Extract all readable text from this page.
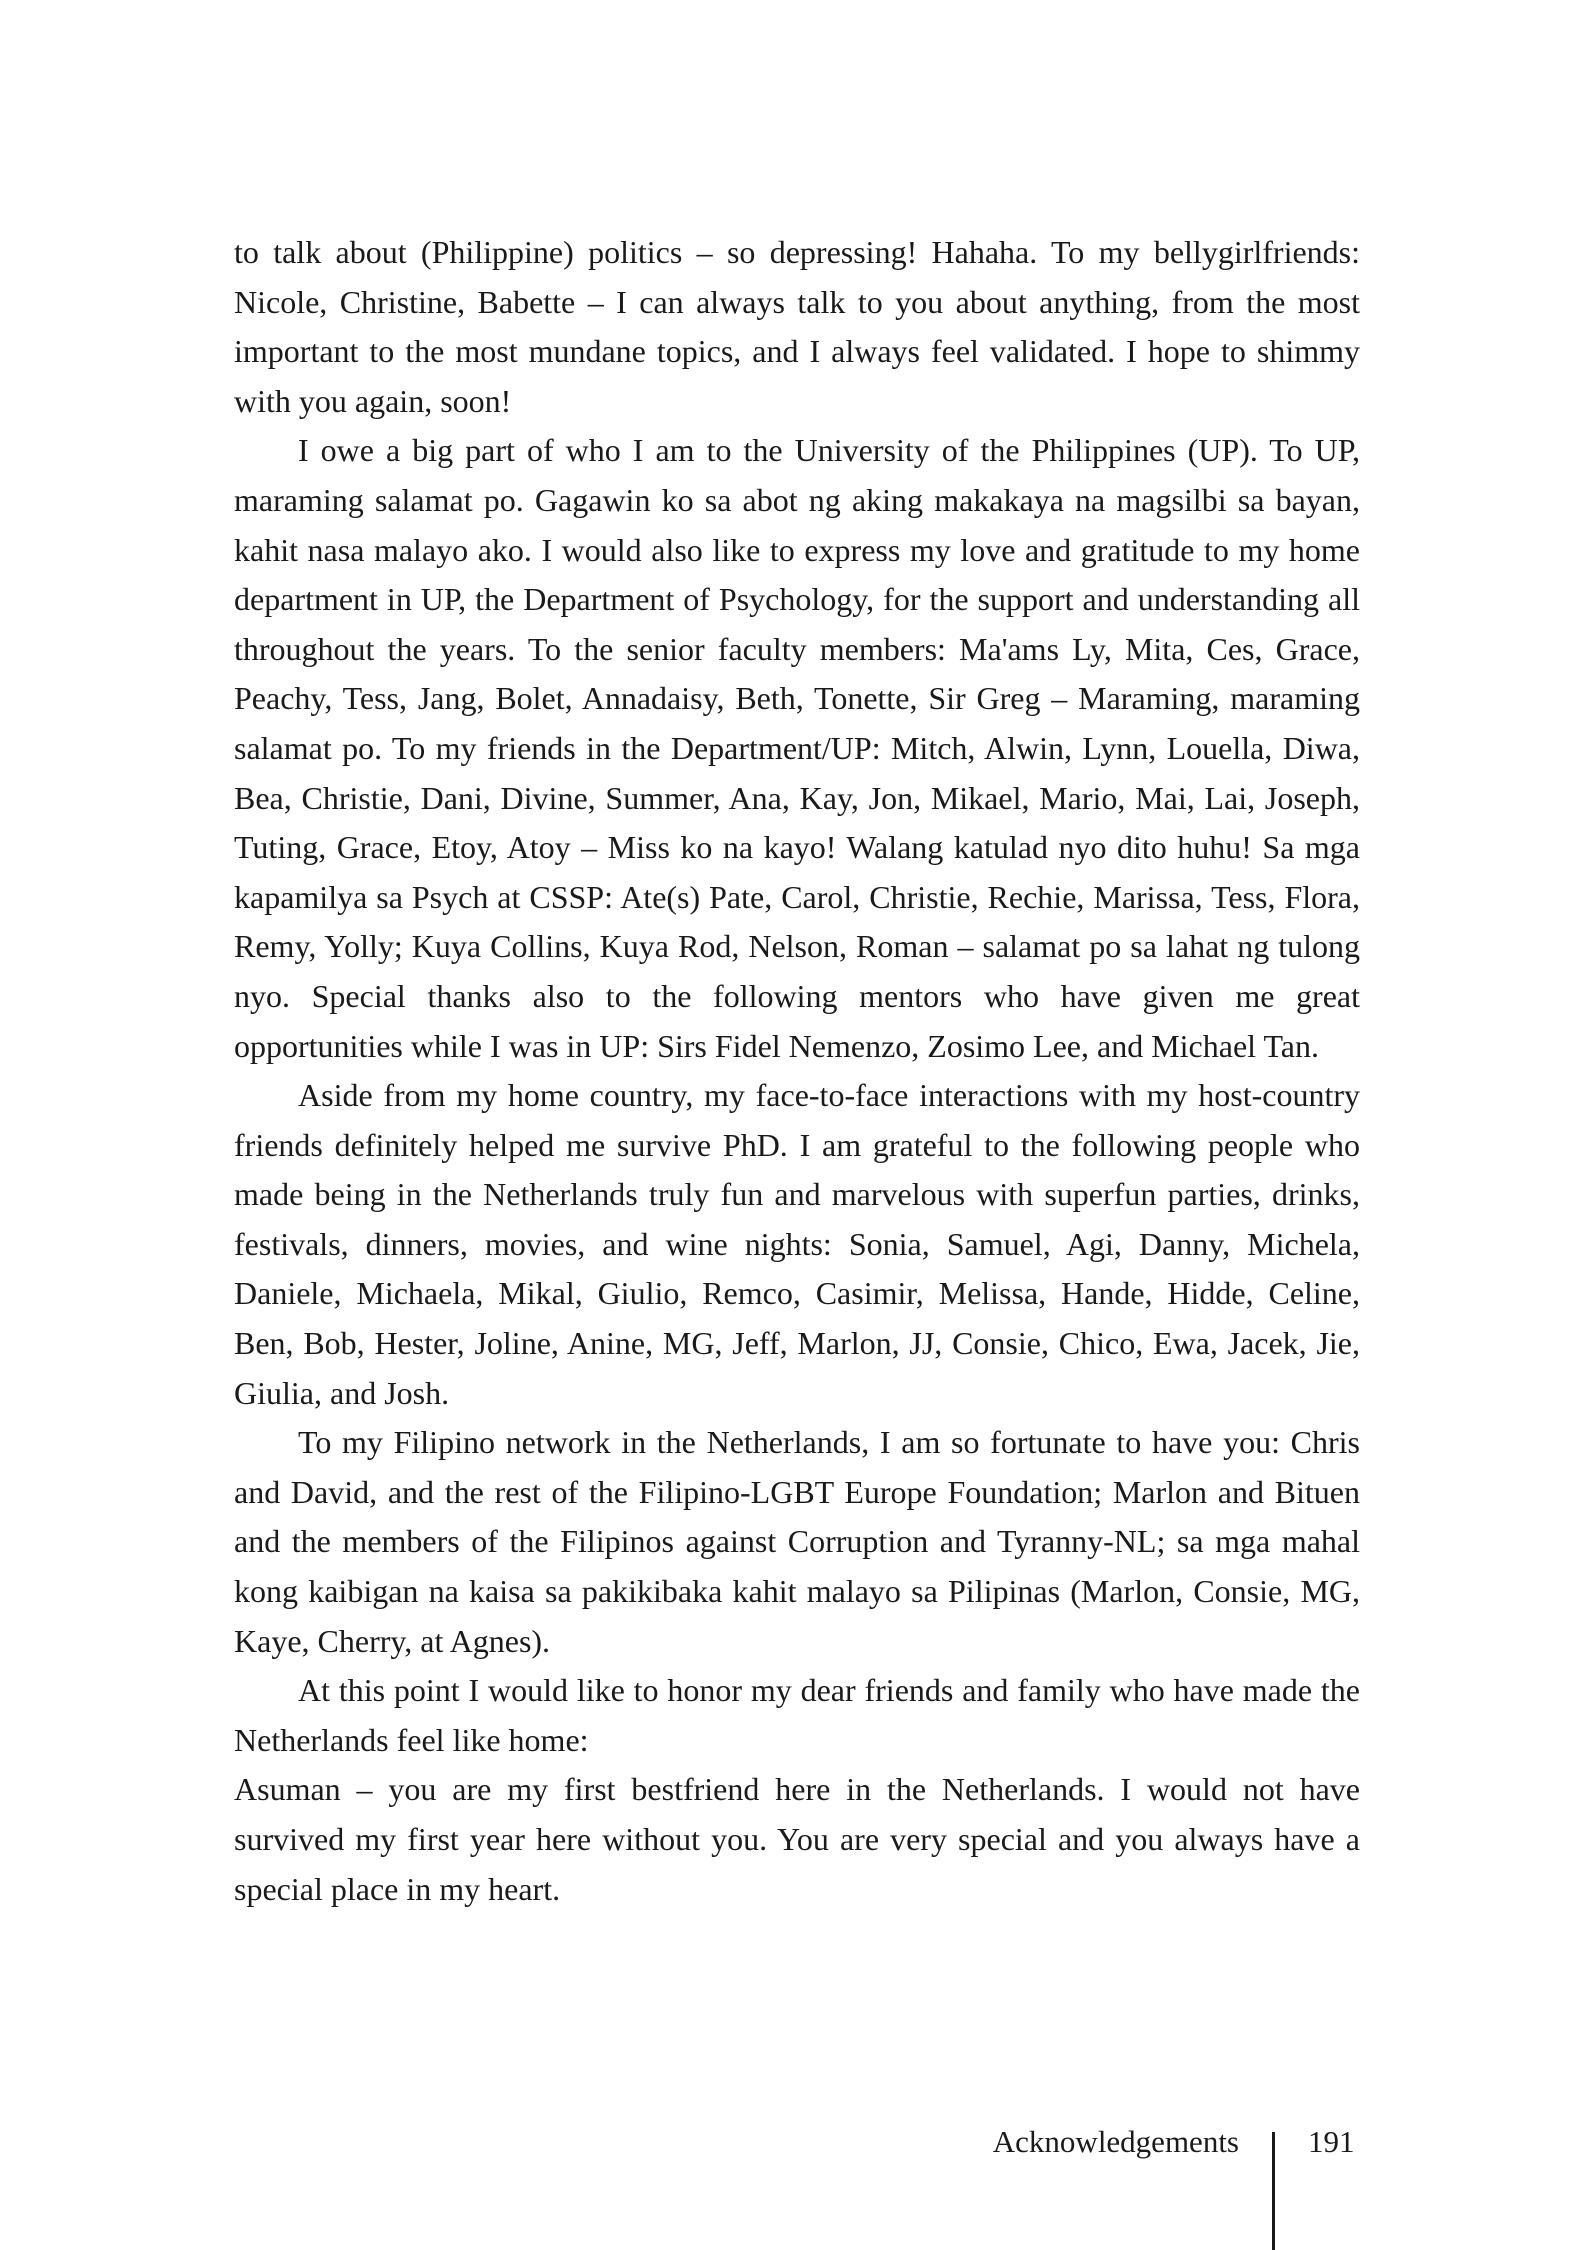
to talk about (Philippine) politics – so depressing! Hahaha. To my bellygirlfriends: Nicole, Christine, Babette – I can always talk to you about anything, from the most important to the most mundane topics, and I always feel validated. I hope to shimmy with you again, soon!

I owe a big part of who I am to the University of the Philippines (UP). To UP, maraming salamat po. Gagawin ko sa abot ng aking makakaya na magsilbi sa bayan, kahit nasa malayo ako. I would also like to express my love and gratitude to my home department in UP, the Department of Psychology, for the support and understanding all throughout the years. To the senior faculty members: Ma'ams Ly, Mita, Ces, Grace, Peachy, Tess, Jang, Bolet, Annadaisy, Beth, Tonette, Sir Greg – Maraming, maraming salamat po. To my friends in the Department/UP: Mitch, Alwin, Lynn, Louella, Diwa, Bea, Christie, Dani, Divine, Summer, Ana, Kay, Jon, Mikael, Mario, Mai, Lai, Joseph, Tuting, Grace, Etoy, Atoy – Miss ko na kayo! Walang katulad nyo dito huhu! Sa mga kapamilya sa Psych at CSSP: Ate(s) Pate, Carol, Christie, Rechie, Marissa, Tess, Flora, Remy, Yolly; Kuya Collins, Kuya Rod, Nelson, Roman – salamat po sa lahat ng tulong nyo. Special thanks also to the following mentors who have given me great opportunities while I was in UP: Sirs Fidel Nemenzo, Zosimo Lee, and Michael Tan.

Aside from my home country, my face-to-face interactions with my host-country friends definitely helped me survive PhD. I am grateful to the following people who made being in the Netherlands truly fun and marvelous with superfun parties, drinks, festivals, dinners, movies, and wine nights: Sonia, Samuel, Agi, Danny, Michela, Daniele, Michaela, Mikal, Giulio, Remco, Casimir, Melissa, Hande, Hidde, Celine, Ben, Bob, Hester, Joline, Anine, MG, Jeff, Marlon, JJ, Consie, Chico, Ewa, Jacek, Jie, Giulia, and Josh.

To my Filipino network in the Netherlands, I am so fortunate to have you: Chris and David, and the rest of the Filipino-LGBT Europe Foundation; Marlon and Bituen and the members of the Filipinos against Corruption and Tyranny-NL; sa mga mahal kong kaibigan na kaisa sa pakikibaka kahit malayo sa Pilipinas (Marlon, Consie, MG, Kaye, Cherry, at Agnes).

At this point I would like to honor my dear friends and family who have made the Netherlands feel like home:

Asuman – you are my first bestfriend here in the Netherlands. I would not have survived my first year here without you. You are very special and you always have a special place in my heart.

Acknowledgements 191
